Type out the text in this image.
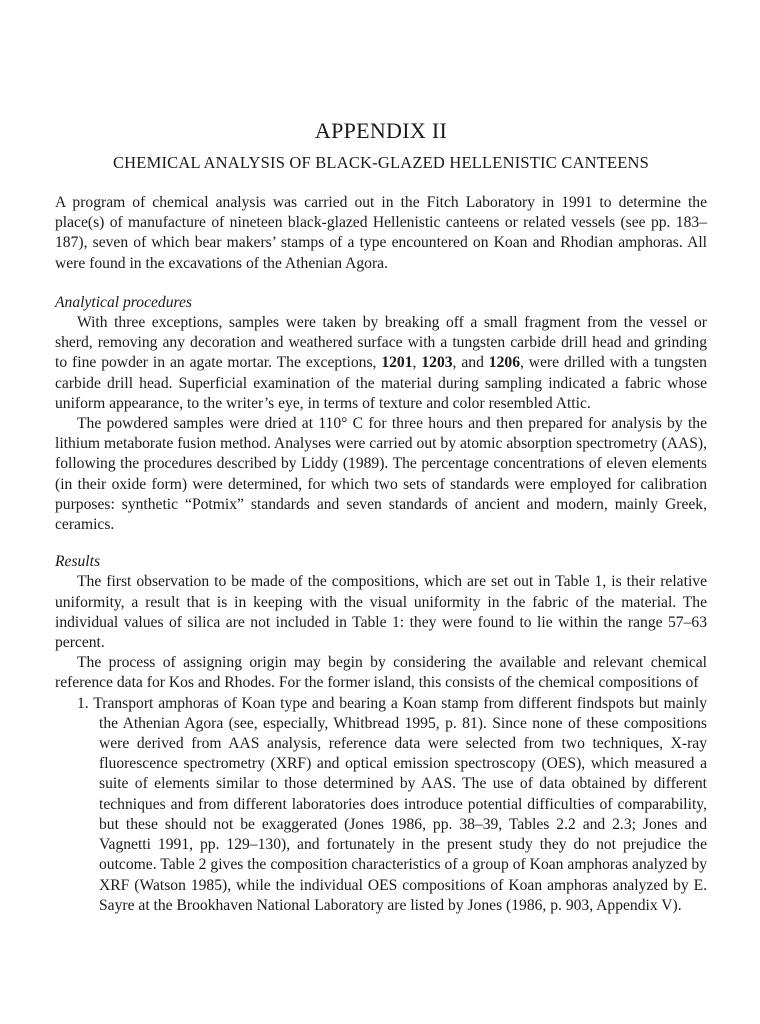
APPENDIX II
CHEMICAL ANALYSIS OF BLACK-GLAZED HELLENISTIC CANTEENS

A program of chemical analysis was carried out in the Fitch Laboratory in 1991 to determine the place(s) of manufacture of nineteen black-glazed Hellenistic canteens or related vessels (see pp. 183–187), seven of which bear makers’ stamps of a type encountered on Koan and Rhodian amphoras. All were found in the excavations of the Athenian Agora.

Analytical procedures

With three exceptions, samples were taken by breaking off a small fragment from the vessel or sherd, removing any decoration and weathered surface with a tungsten carbide drill head and grinding to fine powder in an agate mortar. The exceptions, 1201, 1203, and 1206, were drilled with a tungsten carbide drill head. Superficial examination of the material during sampling indicated a fabric whose uniform appearance, to the writer’s eye, in terms of texture and color resembled Attic.

The powdered samples were dried at 110° C for three hours and then prepared for analysis by the lithium metaborate fusion method. Analyses were carried out by atomic absorption spectrometry (AAS), following the procedures described by Liddy (1989). The percentage concentrations of eleven elements (in their oxide form) were determined, for which two sets of standards were employed for calibration purposes: synthetic “Potmix” standards and seven standards of ancient and modern, mainly Greek, ceramics.

Results

The first observation to be made of the compositions, which are set out in Table 1, is their relative uniformity, a result that is in keeping with the visual uniformity in the fabric of the material. The individual values of silica are not included in Table 1: they were found to lie within the range 57–63 percent.

The process of assigning origin may begin by considering the available and relevant chemical reference data for Kos and Rhodes. For the former island, this consists of the chemical compositions of

1. Transport amphoras of Koan type and bearing a Koan stamp from different findspots but mainly the Athenian Agora (see, especially, Whitbread 1995, p. 81). Since none of these compositions were derived from AAS analysis, reference data were selected from two techniques, X-ray fluorescence spectrometry (XRF) and optical emission spectroscopy (OES), which measured a suite of elements similar to those determined by AAS. The use of data obtained by different techniques and from different laboratories does introduce potential difficulties of comparability, but these should not be exaggerated (Jones 1986, pp. 38–39, Tables 2.2 and 2.3; Jones and Vagnetti 1991, pp. 129–130), and fortunately in the present study they do not prejudice the outcome. Table 2 gives the composition characteristics of a group of Koan amphoras analyzed by XRF (Watson 1985), while the individual OES compositions of Koan amphoras analyzed by E. Sayre at the Brookhaven National Laboratory are listed by Jones (1986, p. 903, Appendix V).
